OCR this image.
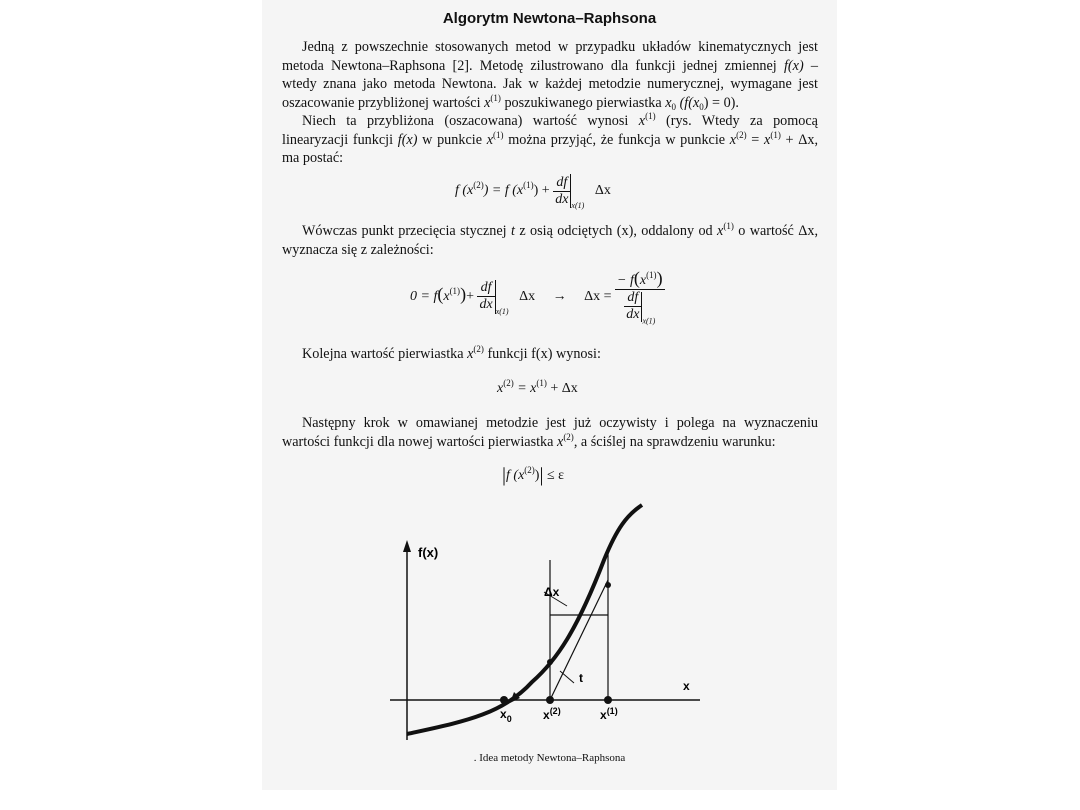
Algorytm Newtona–Raphsona

Jedną z powszechnie stosowanych metod w przypadku układów kinematycznych jest metoda Newtona–Raphsona [2]. Metodę zilustrowano dla funkcji jednej zmiennej f(x) – wtedy znana jako metoda Newtona. Jak w każdej metodzie numerycznej, wymagane jest oszacowanie przybliżonej wartości $x^{(1)}$ poszukiwanego pierwiastka $x_0$ $(f(x_0) = 0)$.

Niech ta przybliżona (oszacowana) wartość wynosi $x^{(1)}$ (rys. Wtedy za pomocą linearyzacji funkcji f(x) w punkcie $x^{(1)}$ można przyjąć, że funkcja w punkcie $x^{(2)} = x^{(1)} + \Delta x$, ma postać:

f $(x^{(2)}) = f$ $(x^{(1)}) + \frac{df}{dx} _{x(1)}$   Δx

Wówczas punkt przecięcia stycznej t z osią odciętych (x), oddalony od $x^{(1)}$ o wartość Δx, wyznacza się z zależności:

$0 = f(x^{(1)})+ \frac{df}{dx} _{x(1)}$   $\Delta x \to \Delta x = \frac{- f(x^{(1)})}{\frac{df}{dx} _{x(1)}}$

Kolejna wartość pierwiastka $x^{(2)}$ funkcji f(x) wynosi:

$x^{(2)} = x^{(1)} + \Delta x$

Następny krok w omawianej metodzie jest już oczywisty i polega na wyznaczeniu wartości funkcji dla nowej wartości pierwiastka $x^{(2)}$, a ściślej na sprawdzeniu warunku:

|f $(x^{(2)})| \le \varepsilon$
f(x)
x
Δx
t
$x_0$	$x^{(2)}$	$x^{(1)}$
. Idea metody Newtona–Raphsona
